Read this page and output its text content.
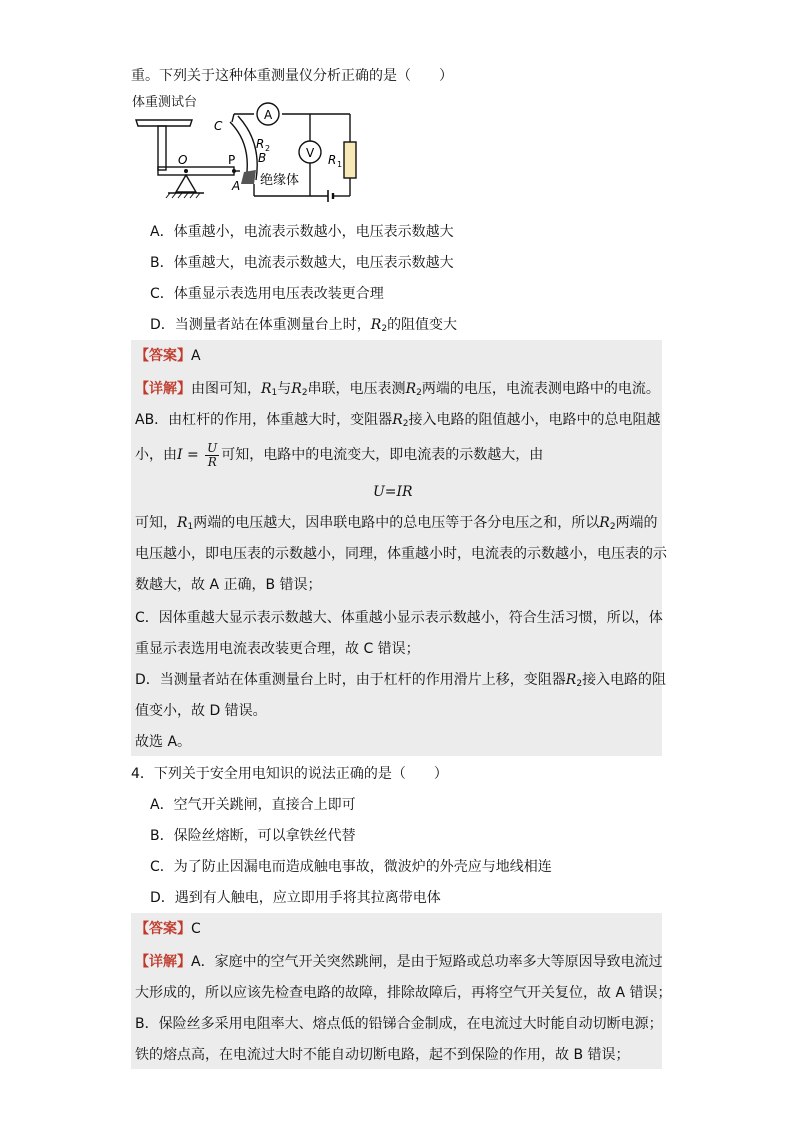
重。下列关于这种体重测量仪分析正确的是（　　）
体重测试台
O	P
C
R 2
B
A 绝缘体
A
V R 1
A．体重越小，电流表示数越小，电压表示数越大
B．体重越大，电流表示数越大，电压表示数越大
C．体重显示表选用电压表改装更合理
D．当测量者站在体重测量台上时，$R_2$的阻值变大
【答案】A
【详解】由图可知，$R_1$与$R_2$串联，电压表测$R_2$两端的电压，电流表测电路中的电流。
AB．由杠杆的作用，体重越大时，变阻器$R_2$接入电路的阻值越小，电路中的总电阻越
小，由$I = \frac{U}{R}$ 可知，电路中的电流变大，即电流表的示数越大，由
U=IR
可知，$R_1$两端的电压越大，因串联电路中的总电压等于各分电压之和，所以$R_2$两端的
电压越小，即电压表的示数越小，同理，体重越小时，电流表的示数越小，电压表的示
数越大，故 A 正确，B 错误；
C．因体重越大显示表示数越大、体重越小显示表示数越小，符合生活习惯，所以，体
重显示表选用电流表改装更合理，故 C 错误；
D．当测量者站在体重测量台上时，由于杠杆的作用滑片上移，变阻器$R_2$接入电路的阻
值变小，故 D 错误。
故选 A。
4．下列关于安全用电知识的说法正确的是（　　）
A．空气开关跳闸，直接合上即可
B．保险丝熔断，可以拿铁丝代替
C．为了防止因漏电而造成触电事故，微波炉的外壳应与地线相连
D．遇到有人触电，应立即用手将其拉离带电体
【答案】C
【详解】A．家庭中的空气开关突然跳闸，是由于短路或总功率多大等原因导致电流过
大形成的，所以应该先检查电路的故障，排除故障后，再将空气开关复位，故 A 错误；
B．保险丝多采用电阻率大、熔点低的铅锑合金制成，在电流过大时能自动切断电源；
铁的熔点高，在电流过大时不能自动切断电路，起不到保险的作用，故 B 错误；
